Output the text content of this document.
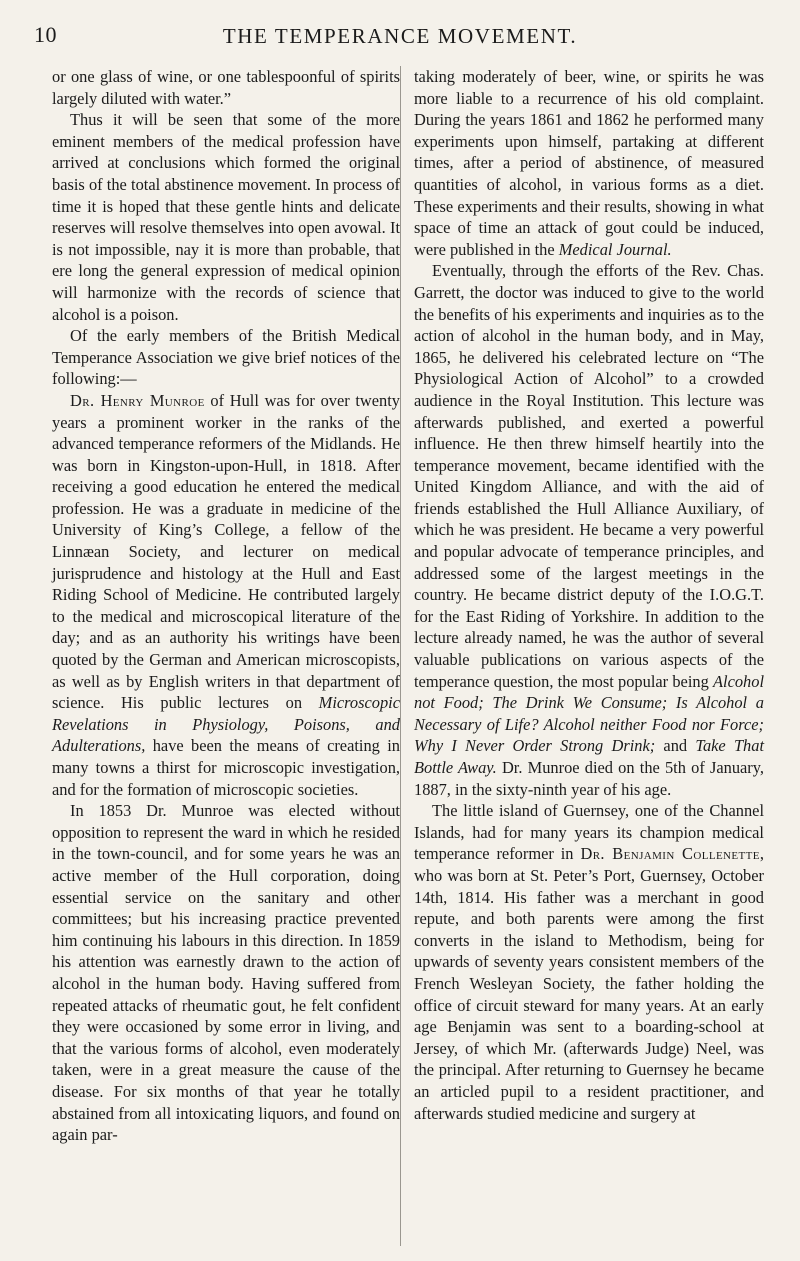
10	THE TEMPERANCE MOVEMENT.

or one glass of wine, or one tablespoonful of spirits largely diluted with water.”

Thus it will be seen that some of the more eminent members of the medical profession have arrived at conclusions which formed the original basis of the total abstinence movement. In process of time it is hoped that these gentle hints and delicate reserves will resolve themselves into open avowal. It is not impossible, nay it is more than probable, that ere long the general expression of medical opinion will harmonize with the records of science that alcohol is a poison.

Of the early members of the British Medical Temperance Association we give brief notices of the following:—

Dr. Henry Munroe of Hull was for over twenty years a prominent worker in the ranks of the advanced temperance reformers of the Midlands. He was born in Kingston-upon-Hull, in 1818. After receiving a good education he entered the medical profession. He was a graduate in medicine of the University of King’s College, a fellow of the Linnæan Society, and lecturer on medical jurisprudence and histology at the Hull and East Riding School of Medicine. He contributed largely to the medical and microscopical literature of the day; and as an authority his writings have been quoted by the German and American microscopists, as well as by English writers in that department of science. His public lectures on Microscopic Revelations in Physiology, Poisons, and Adulterations, have been the means of creating in many towns a thirst for microscopic investigation, and for the formation of microscopic societies.

In 1853 Dr. Munroe was elected without opposition to represent the ward in which he resided in the town-council, and for some years he was an active member of the Hull corporation, doing essential service on the sanitary and other committees; but his increasing practice prevented him continuing his labours in this direction. In 1859 his attention was earnestly drawn to the action of alcohol in the human body. Having suffered from repeated attacks of rheumatic gout, he felt confident they were occasioned by some error in living, and that the various forms of alcohol, even moderately taken, were in a great measure the cause of the disease. For six months of that year he totally abstained from all intoxicating liquors, and found on again par-

taking moderately of beer, wine, or spirits he was more liable to a recurrence of his old complaint. During the years 1861 and 1862 he performed many experiments upon himself, partaking at different times, after a period of abstinence, of measured quantities of alcohol, in various forms as a diet. These experiments and their results, showing in what space of time an attack of gout could be induced, were published in the Medical Journal.

Eventually, through the efforts of the Rev. Chas. Garrett, the doctor was induced to give to the world the benefits of his experiments and inquiries as to the action of alcohol in the human body, and in May, 1865, he delivered his celebrated lecture on “The Physiological Action of Alcohol” to a crowded audience in the Royal Institution. This lecture was afterwards published, and exerted a powerful influence. He then threw himself heartily into the temperance movement, became identified with the United Kingdom Alliance, and with the aid of friends established the Hull Alliance Auxiliary, of which he was president. He became a very powerful and popular advocate of temperance principles, and addressed some of the largest meetings in the country. He became district deputy of the I.O.G.T. for the East Riding of Yorkshire. In addition to the lecture already named, he was the author of several valuable publications on various aspects of the temperance question, the most popular being Alcohol not Food; The Drink We Consume; Is Alcohol a Necessary of Life? Alcohol neither Food nor Force; Why I Never Order Strong Drink; and Take That Bottle Away. Dr. Munroe died on the 5th of January, 1887, in the sixty-ninth year of his age.

The little island of Guernsey, one of the Channel Islands, had for many years its champion medical temperance reformer in Dr. Benjamin Collenette, who was born at St. Peter’s Port, Guernsey, October 14th, 1814. His father was a merchant in good repute, and both parents were among the first converts in the island to Methodism, being for upwards of seventy years consistent members of the French Wesleyan Society, the father holding the office of circuit steward for many years. At an early age Benjamin was sent to a boarding-school at Jersey, of which Mr. (afterwards Judge) Neel, was the principal. After returning to Guernsey he became an articled pupil to a resident practitioner, and afterwards studied medicine and surgery at
